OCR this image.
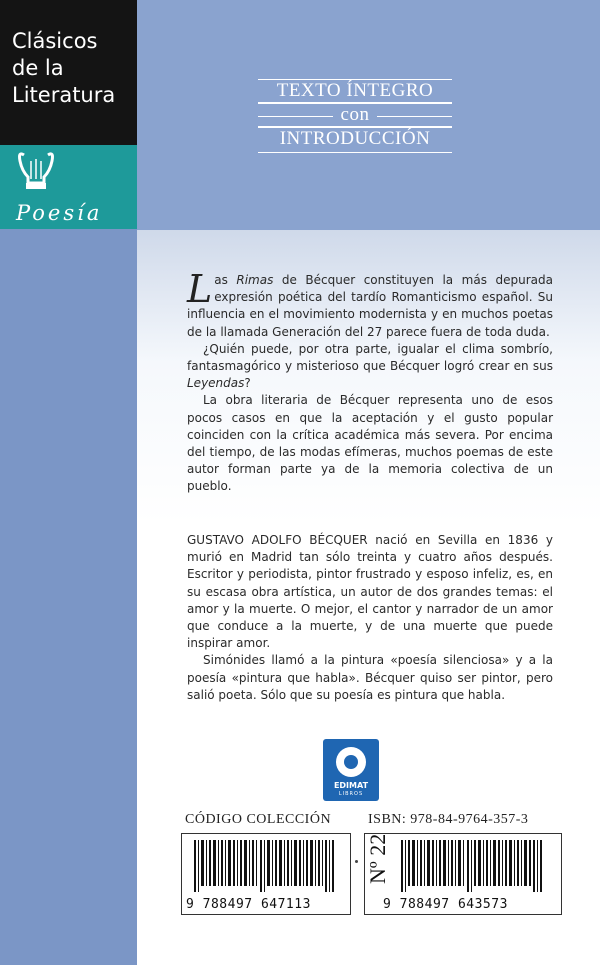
Clásicos
de la
Literatura
Poesía
TEXTO ÍNTEGRO
con
INTRODUCCIÓN

Las Rimas de Bécquer constituyen la más depurada expresión poética del tardío Romanticismo español. Su influencia en el movimiento modernista y en muchos poetas de la llamada Generación del 27 parece fuera de toda duda.

¿Quién puede, por otra parte, igualar el clima sombrío, fantasmagórico y misterioso que Bécquer logró crear en sus Leyendas?

La obra literaria de Bécquer representa uno de esos pocos casos en que la aceptación y el gusto popular coinciden con la crítica académica más severa. Por encima del tiempo, de las modas efímeras, muchos poemas de este autor forman parte ya de la memoria colectiva de un pueblo.

GUSTAVO ADOLFO BÉCQUER nació en Sevilla en 1836 y murió en Madrid tan sólo treinta y cuatro años después. Escritor y periodista, pintor frustrado y esposo infeliz, es, en su escasa obra artística, un autor de dos grandes temas: el amor y la muerte. O mejor, el cantor y narrador de un amor que conduce a la muerte, y de una muerte que puede inspirar amor.

Simónides llamó a la pintura «poesía silenciosa» y a la poesía «pintura que habla». Bécquer quiso ser pintor, pero salió poeta. Sólo que su poesía es pintura que habla.

EDIMAT
LIBROS
CÓDIGO COLECCIÓN	ISBN: 978-84-9764-357-3
9 788497 647113	9 788497 643573
Nº 22
